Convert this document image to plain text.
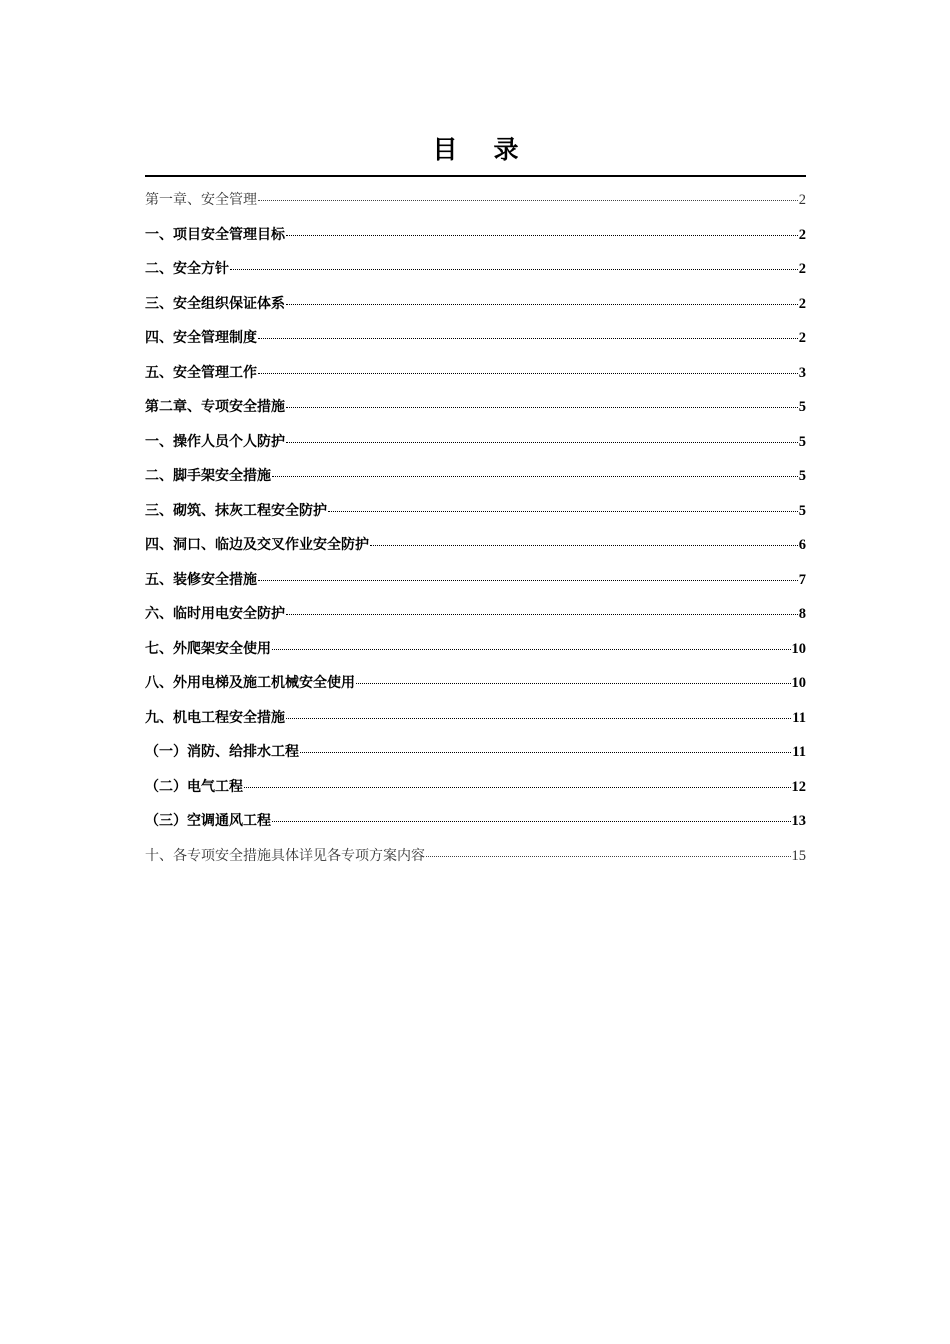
目录
第一章、安全管理	2
一、项目安全管理目标	2
二、安全方针	2
三、安全组织保证体系	2
四、安全管理制度	2
五、安全管理工作	3
第二章、专项安全措施	5
一、操作人员个人防护	5
二、脚手架安全措施	5
三、砌筑、抹灰工程安全防护	5
四、洞口、临边及交叉作业安全防护	6
五、装修安全措施	7
六、临时用电安全防护	8
七、外爬架安全使用	10
八、外用电梯及施工机械安全使用	10
九、机电工程安全措施	11
（一）消防、给排水工程	11
（二）电气工程	12
（三）空调通风工程	13
十、各专项安全措施具体详见各专项方案内容	15
